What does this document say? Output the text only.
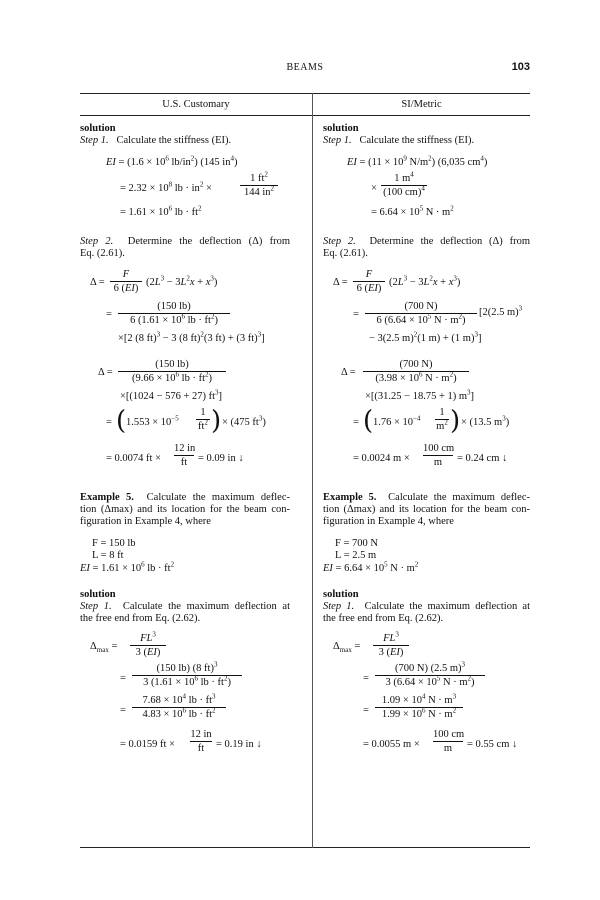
BEAMS	103
U.S. Customary	SI/Metric
solution
Step 1. Calculate the stiffness (EI).
EI = ($1.6 \times 10^6$ $lb/in^2$) (145 $in^4$)
= $2.32 \times 10^8$ lb · $in^2$ ×
1 $ft^2$
144 $in^2$
= $1.61 \times 10^6$ lb · $ft^2$
Step 2. Determine the deflection (Δ) from
Eq. (2.61).
Δ =
F
6 (EI)
$(2L^3 - 3L^2x + x^3)$
=
(150 lb)
6 ($1.61 \times 10^6$ lb · $ft^2$)
×[2 (8 ft)$^3$ − 3 (8 ft)$^2$(3 ft) + (3 ft)$^3$]
Δ =
(150 lb)
($9.66 \times 10^6$ lb · $ft^2$)
×[(1024 − 576 + 27) $ft^3$]
= ( $1.553 \times 10^{-5}$
1
$ft^2$ ) × (475 $ft^3$)
= 0.0074 ft ×
12 in
ft	= 0.09 in ↓
Example 5. Calculate the maximum deflec-
tion (Δmax) and its location for the beam con-
figuration in Example 4, where
F = 150 lb
L = 8 ft
EI = $1.61 \times 10^6$ lb · $ft^2$
solution
Step 1. Calculate the maximum deflection at
the free end from Eq. (2.62).
$\Delta_{max}$ =
$FL^3$
3 (EI)
=
(150 lb) (8 ft)$^3$
3 ($1.61 \times 10^6$ lb · $ft^2$)
=
$7.68 \times 10^4$ lb · $ft^3$
$4.83 \times 10^6$ lb · $ft^2$
= 0.0159 ft ×
12 in
ft	= 0.19 in ↓
solution
Step 1. Calculate the stiffness (EI).
EI = ($11 \times 10^9$ $N/m^2$) (6,035 $cm^4$)
×
1 $m^4$
(100 cm)$^4$
= $6.64 \times 10^5$ $N \cdot m^2$
Step 2. Determine the deflection (Δ) from
Eq. (2.61).
Δ =
F
6 (EI)
$(2L^3 - 3L^2x + x^3)$
=
(700 N)
6 ($6.64 \times 10^5$ $N \cdot m^2$)
[2(2.5 m)$^3$
− 3(2.5 m)$^2$(1 m) + (1 m)$^3$]
Δ =
(700 N)
($3.98 \times 10^6$ $N \cdot m^2$)
×[(31.25 − 18.75 + 1) $m^3$]
= ( $1.76 \times 10^{-4}$
1
$m^2$ ) × (13.5 $m^3$)
= 0.0024 m ×
100 cm
m	= 0.24 cm ↓
Example 5. Calculate the maximum deflec-
tion (Δmax) and its location for the beam con-
figuration in Example 4, where
F = 700 N
L = 2.5 m
EI = $6.64 \times 10^5$ $N \cdot m^2$
solution
Step 1. Calculate the maximum deflection at
the free end from Eq. (2.62).
$\Delta_{max}$ =
$FL^3$
3 (EI)
=
(700 N) (2.5 m)$^3$
3 ($6.64 \times 10^5$ $N \cdot m^2$)
=
$1.09 \times 10^4$ $N \cdot m^3$
$1.99 \times 10^6$ $N \cdot m^2$
= 0.0055 m ×
100 cm
m	= 0.55 cm ↓
